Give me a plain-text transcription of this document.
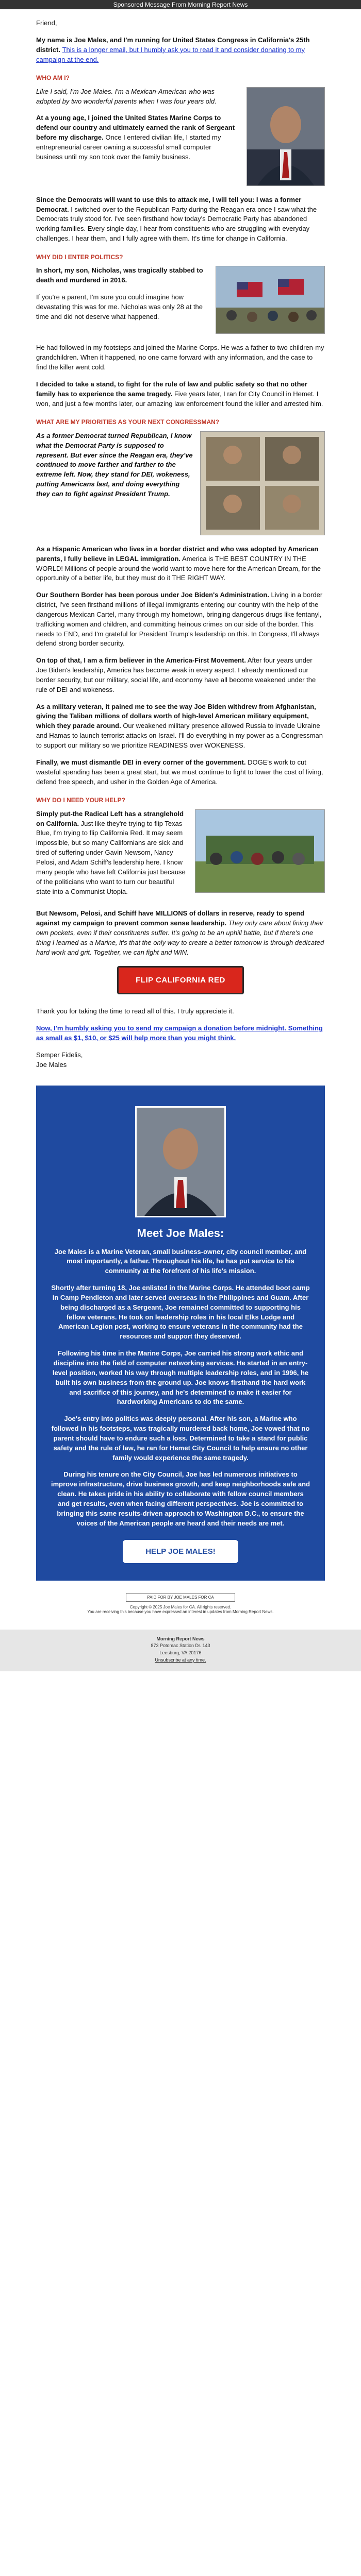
Sponsored Message From Morning Report News

Friend,

My name is Joe Males, and I'm running for United States Congress in California's 25th district. This is a longer email, but I humbly ask you to read it and consider donating to my campaign at the end.

WHO AM I?

Like I said, I'm Joe Males. I'm a Mexican-American who was adopted by two wonderful parents when I was four years old.

At a young age, I joined the United States Marine Corps to defend our country and ultimately earned the rank of Sergeant before my discharge. Once I entered civilian life, I started my entrepreneurial career owning a successful small computer business until my son took over the family business.

Since the Democrats will want to use this to attack me, I will tell you: I was a former Democrat. I switched over to the Republican Party during the Reagan era once I saw what the Democrats truly stood for. I've seen firsthand how today's Democratic Party has abandoned working families. Every single day, I hear from constituents who are struggling with everyday challenges. I hear them, and I fully agree with them. It's time for change in California.

WHY DID I ENTER POLITICS?

In short, my son, Nicholas, was tragically stabbed to death and murdered in 2016.

If you're a parent, I'm sure you could imagine how devastating this was for me. Nicholas was only 28 at the time and did not deserve what happened.

He had followed in my footsteps and joined the Marine Corps. He was a father to two children-my grandchildren. When it happened, no one came forward with any information, and the case to find the killer went cold.

I decided to take a stand, to fight for the rule of law and public safety so that no other family has to experience the same tragedy. Five years later, I ran for City Council in Hemet. I won, and just a few months later, our amazing law enforcement found the killer and arrested him.

WHAT ARE MY PRIORITIES AS YOUR NEXT CONGRESSMAN?

As a former Democrat turned Republican, I know what the Democrat Party is supposed to represent. But ever since the Reagan era, they've continued to move farther and farther to the extreme left. Now, they stand for DEI, wokeness, putting Americans last, and doing everything they can to fight against President Trump.

As a Hispanic American who lives in a border district and who was adopted by American parents, I fully believe in LEGAL immigration. America is THE BEST COUNTRY IN THE WORLD! Millions of people around the world want to move here for the American Dream, for the opportunity of a better life, but they must do it THE RIGHT WAY.

Our Southern Border has been porous under Joe Biden's Administration. Living in a border district, I've seen firsthand millions of illegal immigrants entering our country with the help of the dangerous Mexican Cartel, many through my hometown, bringing dangerous drugs like fentanyl, trafficking women and children, and committing heinous crimes on our side of the border. This needs to END, and I'm grateful for President Trump's leadership on this. In Congress, I'll always defend strong border security.

On top of that, I am a firm believer in the America-First Movement. After four years under Joe Biden's leadership, America has become weak in every aspect. I already mentioned our border security, but our military, social life, and economy have all become weakened under the rule of DEI and wokeness.

As a military veteran, it pained me to see the way Joe Biden withdrew from Afghanistan, giving the Taliban millions of dollars worth of high-level American military equipment, which they parade around. Our weakened military presence allowed Russia to invade Ukraine and Hamas to launch terrorist attacks on Israel. I'll do everything in my power as a Congressman to support our military so we prioritize READINESS over WOKENESS.

Finally, we must dismantle DEI in every corner of the government. DOGE's work to cut wasteful spending has been a great start, but we must continue to fight to lower the cost of living, defend free speech, and usher in the Golden Age of America.

WHY DO I NEED YOUR HELP?

Simply put-the Radical Left has a stranglehold on California. Just like they're trying to flip Texas Blue, I'm trying to flip California Red. It may seem impossible, but so many Californians are sick and tired of suffering under Gavin Newsom, Nancy Pelosi, and Adam Schiff's leadership here. I know many people who have left California just because of the politicians who want to turn our beautiful state into a Communist Utopia.

But Newsom, Pelosi, and Schiff have MILLIONS of dollars in reserve, ready to spend against my campaign to prevent common sense leadership. They only care about lining their own pockets, even if their constituents suffer. It's going to be an uphill battle, but if there's one thing I learned as a Marine, it's that the only way to create a better tomorrow is through dedicated hard work and grit. Together, we can fight and WIN.

FLIP CALIFORNIA RED

Thank you for taking the time to read all of this. I truly appreciate it.

Now, I'm humbly asking you to send my campaign a donation before midnight. Something as small as $1, $10, or $25 will help more than you might think.

Semper Fidelis,

Joe Males

Meet Joe Males:

Joe Males is a Marine Veteran, small business-owner, city council member, and most importantly, a father. Throughout his life, he has put service to his community at the forefront of his life's mission.

Shortly after turning 18, Joe enlisted in the Marine Corps. He attended boot camp in Camp Pendleton and later served overseas in the Philippines and Guam. After being discharged as a Sergeant, Joe remained committed to supporting his fellow veterans. He took on leadership roles in his local Elks Lodge and American Legion post, working to ensure veterans in the community had the resources and support they deserved.

Following his time in the Marine Corps, Joe carried his strong work ethic and discipline into the field of computer networking services. He started in an entry-level position, worked his way through multiple leadership roles, and in 1996, he built his own business from the ground up. Joe knows firsthand the hard work and sacrifice of this journey, and he's determined to make it easier for hardworking Americans to do the same.

Joe's entry into politics was deeply personal. After his son, a Marine who followed in his footsteps, was tragically murdered back home, Joe vowed that no parent should have to endure such a loss. Determined to take a stand for public safety and the rule of law, he ran for Hemet City Council to help ensure no other family would experience the same tragedy.

During his tenure on the City Council, Joe has led numerous initiatives to improve infrastructure, drive business growth, and keep neighborhoods safe and clean. He takes pride in his ability to collaborate with fellow council members and get results, even when facing different perspectives. Joe is committed to bringing this same results-driven approach to Washington D.C., to ensure the voices of the American people are heard and their needs are met.

HELP JOE MALES!
PAID FOR BY JOE MALES FOR CA
Copyright © 2025 Joe Males for CA. All rights reserved.
You are receiving this because you have expressed an interest in updates from Morning Report News.
Morning Report News
873 Potomac Station Dr. 143
Leesburg, VA 20176
Unsubscribe at any time.
